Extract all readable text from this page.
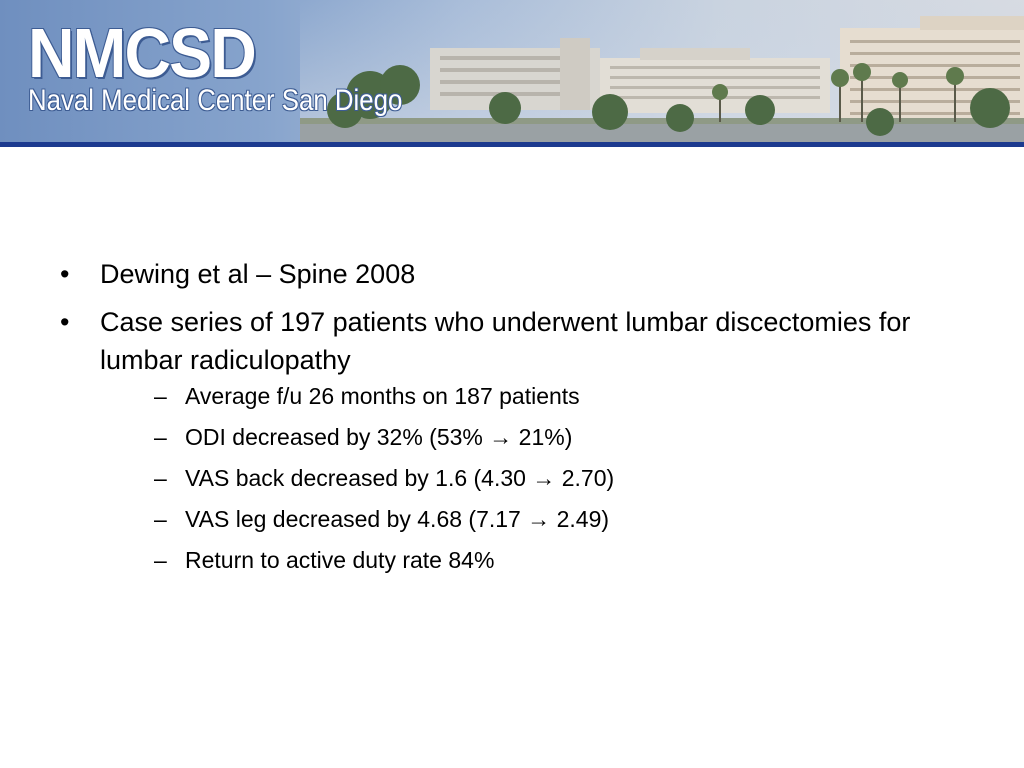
NMCSD
Naval Medical Center San Diego
• Dewing et al – Spine 2008
• Case series of 197 patients who underwent lumbar discectomies for lumbar radiculopathy
– Average f/u 26 months on 187 patients
– ODI decreased by 32% (53% → 21%)
– VAS back decreased by 1.6 (4.30 → 2.70)
– VAS leg decreased by 4.68 (7.17 → 2.49)
– Return to active duty rate 84%
